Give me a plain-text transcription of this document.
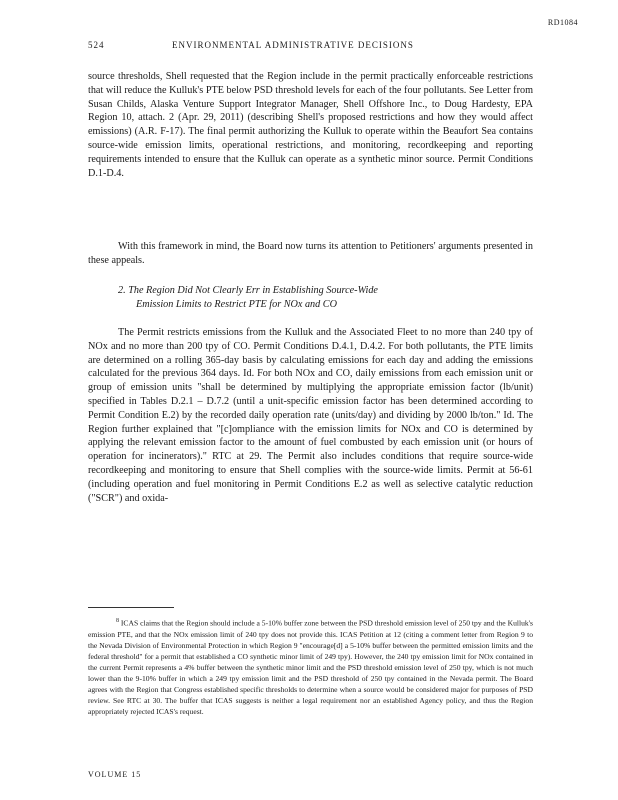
RD1084
524	ENVIRONMENTAL ADMINISTRATIVE DECISIONS
source thresholds, Shell requested that the Region include in the permit practically enforceable restrictions that will reduce the Kulluk's PTE below PSD threshold levels for each of the four pollutants. See Letter from Susan Childs, Alaska Venture Support Integrator Manager, Shell Offshore Inc., to Doug Hardesty, EPA Region 10, attach. 2 (Apr. 29, 2011) (describing Shell's proposed restrictions and how they would affect emissions) (A.R. F-17). The final permit authorizing the Kulluk to operate within the Beaufort Sea contains source-wide emission limits, operational restrictions, and monitoring, recordkeeping and reporting requirements intended to ensure that the Kulluk can operate as a synthetic minor source. Permit Conditions D.1-D.4.
With this framework in mind, the Board now turns its attention to Petitioners' arguments presented in these appeals.
2. The Region Did Not Clearly Err in Establishing Source-Wide
Emission Limits to Restrict PTE for NOx and CO
The Permit restricts emissions from the Kulluk and the Associated Fleet to no more than 240 tpy of NOx and no more than 200 tpy of CO. Permit Conditions D.4.1, D.4.2. For both pollutants, the PTE limits are determined on a rolling 365-day basis by calculating emissions for each day and adding the emissions calculated for the previous 364 days. Id. For both NOx and CO, daily emissions from each emission unit or group of emission units "shall be determined by multiplying the appropriate emission factor (lb/unit) specified in Tables D.2.1 – D.7.2 (until a unit-specific emission factor has been determined according to Permit Condition E.2) by the recorded daily operation rate (units/day) and dividing by 2000 lb/ton." Id. The Region further explained that "[c]ompliance with the emission limits for NOx and CO is determined by applying the relevant emission factor to the amount of fuel combusted by each emission unit (or hours of operation for incinerators)." RTC at 29. The Permit also includes conditions that require source-wide recordkeeping and monitoring to ensure that Shell complies with the source-wide limits. Permit at 56-61 (including operation and fuel monitoring in Permit Conditions E.2 as well as selective catalytic reduction ("SCR") and oxida-
$^8$ ICAS claims that the Region should include a 5-10% buffer zone between the PSD threshold emission level of 250 tpy and the Kulluk's emission PTE, and that the NOx emission limit of 240 tpy does not provide this. ICAS Petition at 12 (citing a comment letter from Region 9 to the Nevada Division of Environmental Protection in which Region 9 "encourage[d] a 5-10% buffer between the permitted emission limits and the federal threshold" for a permit that established a CO synthetic minor limit of 249 tpy). However, the 240 tpy emission limit for NOx contained in the current Permit represents a 4% buffer between the synthetic minor limit and the PSD threshold emission level of 250 tpy, which is not much lower than the 9-10% buffer in which a 249 tpy emission limit and the PSD threshold of 250 tpy contained in the Nevada permit. The Board agrees with the Region that Congress established specific thresholds to determine when a source would be considered major for purposes of PSD review. See RTC at 30. The buffer that ICAS suggests is neither a legal requirement nor an established Agency policy, and thus the Region appropriately rejected ICAS's request.
VOLUME 15
